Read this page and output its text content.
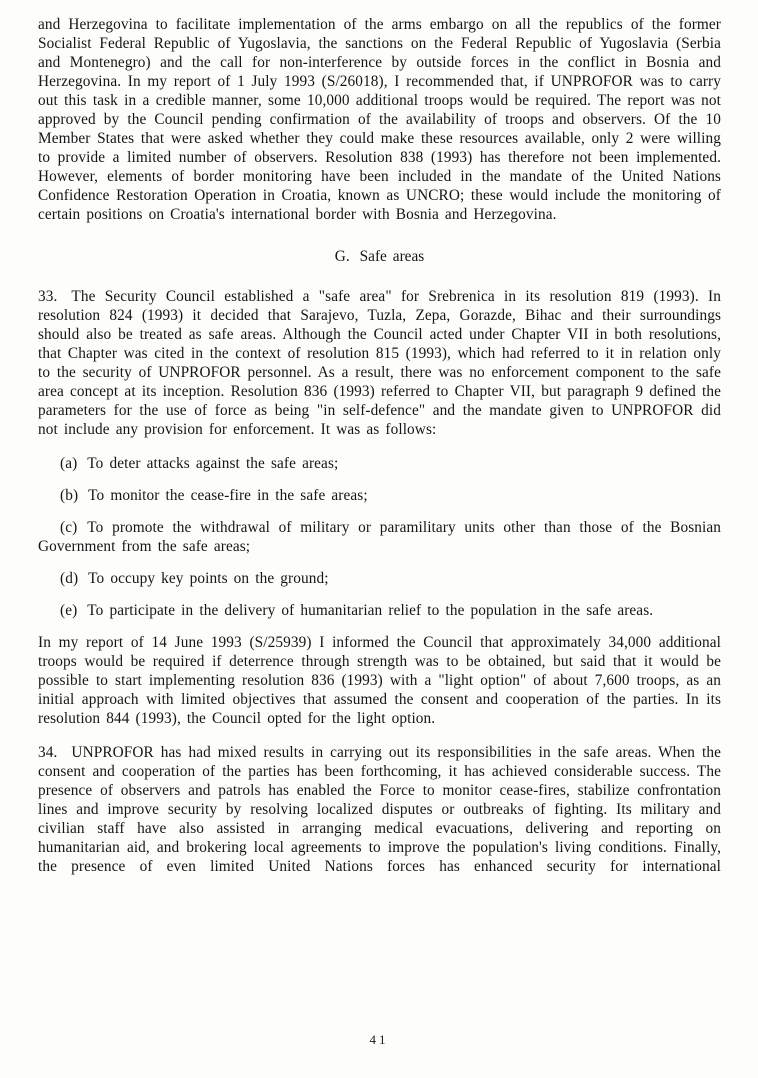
and Herzegovina to facilitate implementation of the arms embargo on all the republics of the former Socialist Federal Republic of Yugoslavia, the sanctions on the Federal Republic of Yugoslavia (Serbia and Montenegro) and the call for non-interference by outside forces in the conflict in Bosnia and Herzegovina. In my report of 1 July 1993 (S/26018), I recommended that, if UNPROFOR was to carry out this task in a credible manner, some 10,000 additional troops would be required. The report was not approved by the Council pending confirmation of the availability of troops and observers. Of the 10 Member States that were asked whether they could make these resources available, only 2 were willing to provide a limited number of observers. Resolution 838 (1993) has therefore not been implemented. However, elements of border monitoring have been included in the mandate of the United Nations Confidence Restoration Operation in Croatia, known as UNCRO; these would include the monitoring of certain positions on Croatia's international border with Bosnia and Herzegovina.

G. Safe areas

33. The Security Council established a "safe area" for Srebrenica in its resolution 819 (1993). In resolution 824 (1993) it decided that Sarajevo, Tuzla, Zepa, Gorazde, Bihac and their surroundings should also be treated as safe areas. Although the Council acted under Chapter VII in both resolutions, that Chapter was cited in the context of resolution 815 (1993), which had referred to it in relation only to the security of UNPROFOR personnel. As a result, there was no enforcement component to the safe area concept at its inception. Resolution 836 (1993) referred to Chapter VII, but paragraph 9 defined the parameters for the use of force as being "in self-defence" and the mandate given to UNPROFOR did not include any provision for enforcement. It was as follows:

(a) To deter attacks against the safe areas;

(b) To monitor the cease-fire in the safe areas;

(c) To promote the withdrawal of military or paramilitary units other than those of the Bosnian Government from the safe areas;

(d) To occupy key points on the ground;

(e) To participate in the delivery of humanitarian relief to the population in the safe areas.

In my report of 14 June 1993 (S/25939) I informed the Council that approximately 34,000 additional troops would be required if deterrence through strength was to be obtained, but said that it would be possible to start implementing resolution 836 (1993) with a "light option" of about 7,600 troops, as an initial approach with limited objectives that assumed the consent and cooperation of the parties. In its resolution 844 (1993), the Council opted for the light option.

34. UNPROFOR has had mixed results in carrying out its responsibilities in the safe areas. When the consent and cooperation of the parties has been forthcoming, it has achieved considerable success. The presence of observers and patrols has enabled the Force to monitor cease-fires, stabilize confrontation lines and improve security by resolving localized disputes or outbreaks of fighting. Its military and civilian staff have also assisted in arranging medical evacuations, delivering and reporting on humanitarian aid, and brokering local agreements to improve the population's living conditions. Finally, the presence of even limited United Nations forces has enhanced security for international

41
